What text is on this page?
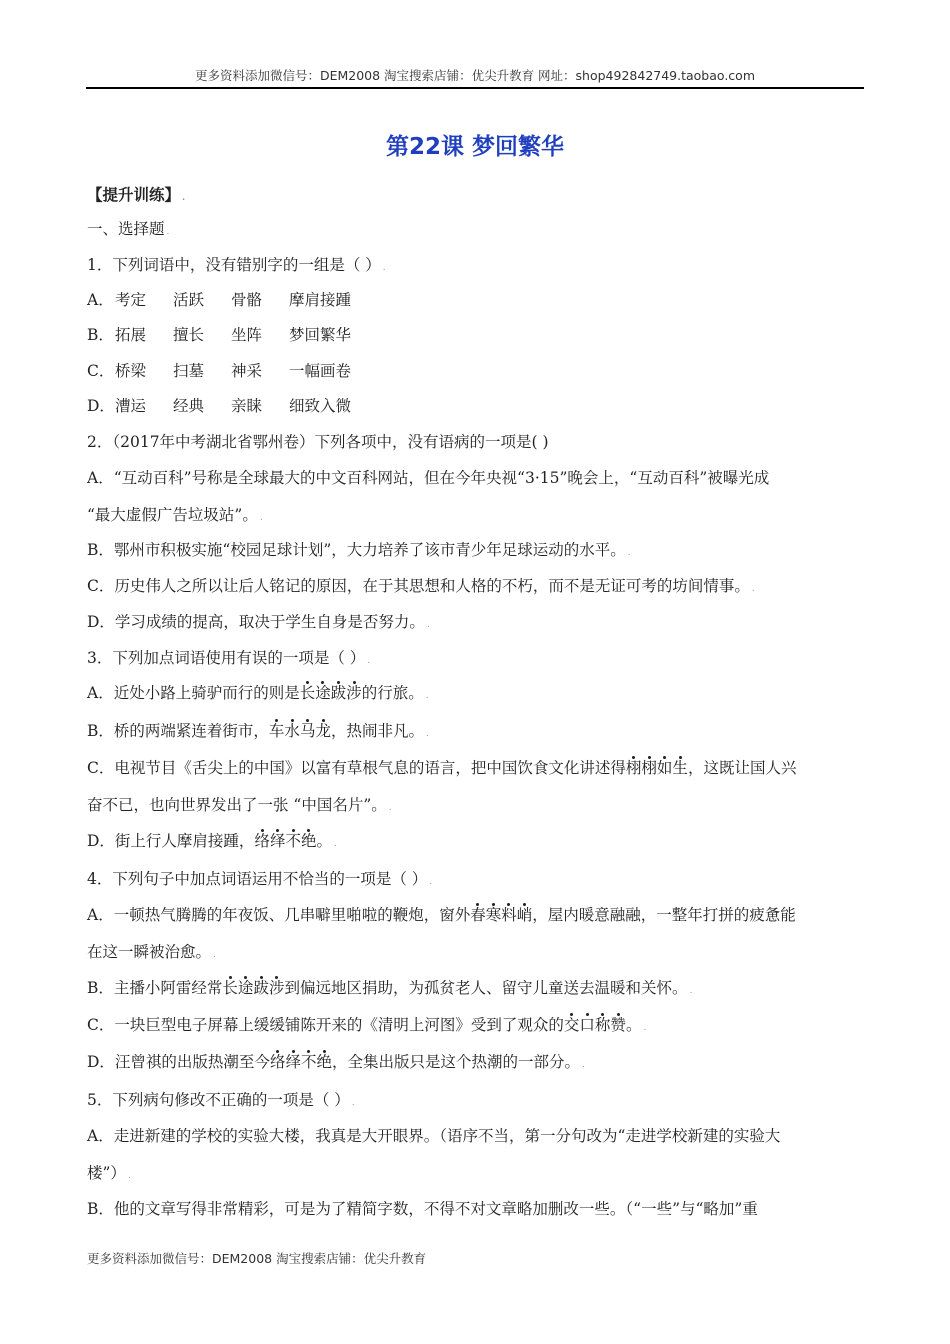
更多资料添加微信号：DEM2008 淘宝搜索店铺：优尖升教育 网址：shop492842749.taobao.com
第22课 梦回繁华
【提升训练】 .
一、选择题 .
1．下列词语中，没有错别字的一组是（ ） .
A．考定 活跃 骨骼 摩肩接踵
B．拓展 擅长 坐阵 梦回繁华
C．桥梁 扫墓 神采 一幅画卷
D．漕运 经典 亲睐 细致入微
2．（2017年中考湖北省鄂州卷）下列各项中，没有语病的一项是( )
A．“互动百科”号称是全球最大的中文百科网站，但在今年央视“3·15”晚会上，“互动百科”被曝光成
“最大虚假广告垃圾站”。 .
B．鄂州市积极实施“校园足球计划”，大力培养了该市青少年足球运动的水平。 .
C．历史伟人之所以让后人铭记的原因，在于其思想和人格的不朽，而不是无证可考的坊间情事。 .
D．学习成绩的提高，取决于学生自身是否努力。 .
3．下列加点词语使用有误的一项是（ ） .
A．近处小路上骑驴而行的则是长途跋涉的行旅。 .
B．桥的两端紧连着街市，车水马龙，热闹非凡。 .
C．电视节目《舌尖上的中国》以富有草根气息的语言，把中国饮食文化讲述得栩栩如生，这既让国人兴
奋不已，也向世界发出了一张 “中国名片”。 .
D．街上行人摩肩接踵，络绎不绝。 .
4．下列句子中加点词语运用不恰当的一项是（ ） .
A．一顿热气腾腾的年夜饭、几串噼里啪啦的鞭炮，窗外春寒料峭，屋内暖意融融，一整年打拼的疲惫能
在这一瞬被治愈。 .
B．主播小阿雷经常长途跋涉到偏远地区捐助，为孤贫老人、留守儿童送去温暖和关怀。 .
C．一块巨型电子屏幕上缓缓铺陈开来的《清明上河图》受到了观众的交口称赞。 .
D．汪曾祺的出版热潮至今络绎不绝，全集出版只是这个热潮的一部分。 .
5．下列病句修改不正确的一项是（ ） .
A．走进新建的学校的实验大楼，我真是大开眼界。（语序不当，第一分句改为“走进学校新建的实验大
楼”） .
B．他的文章写得非常精彩，可是为了精简字数，不得不对文章略加删改一些。（“一些”与“略加”重
更多资料添加微信号：DEM2008 淘宝搜索店铺：优尖升教育
